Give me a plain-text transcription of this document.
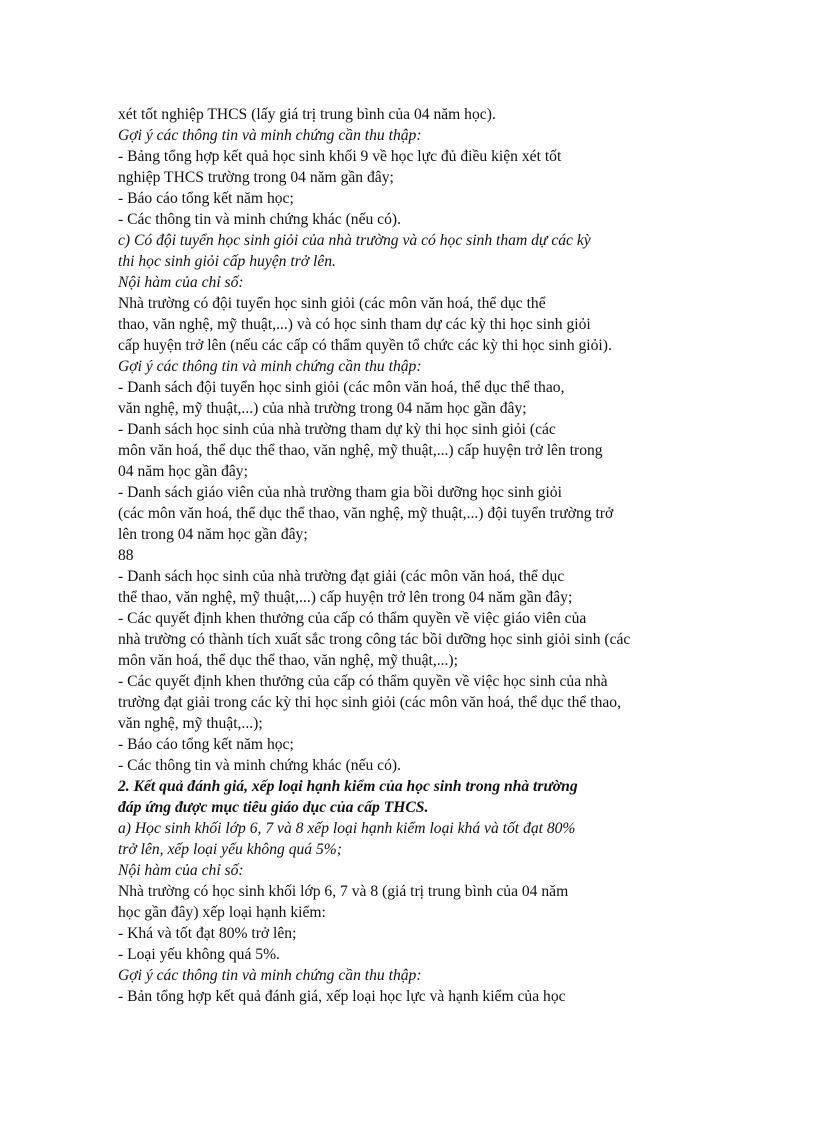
xét tốt nghiệp THCS (lấy giá trị trung bình của 04 năm học).
Gợi ý các thông tin và minh chứng cần thu thập:
- Bảng tổng hợp kết quả học sinh khối 9 về học lực đủ điều kiện xét tốt
nghiệp THCS trường trong 04 năm gần đây;
- Báo cáo tổng kết năm học;
- Các thông tin và minh chứng khác (nếu có).
c) Có đội tuyển học sinh giỏi của nhà trường và có học sinh tham dự các kỳ
thi học sinh giỏi cấp huyện trở lên.
Nội hàm của chỉ số:
Nhà trường có đội tuyển học sinh giỏi (các môn văn hoá, thể dục thể
thao, văn nghệ, mỹ thuật,...) và có học sinh tham dự các kỳ thi học sinh giỏi
cấp huyện trở lên (nếu các cấp có thẩm quyền tổ chức các kỳ thi học sinh giỏi).
Gợi ý các thông tin và minh chứng cần thu thập:
- Danh sách đội tuyển học sinh giỏi (các môn văn hoá, thể dục thể thao,
văn nghệ, mỹ thuật,...) của nhà trường trong 04 năm học gần đây;
- Danh sách học sinh của nhà trường tham dự kỳ thi học sinh giỏi (các
môn văn hoá, thể dục thể thao, văn nghệ, mỹ thuật,...) cấp huyện trở lên trong
04 năm học gần đây;
- Danh sách giáo viên của nhà trường tham gia bồi dưỡng học sinh giỏi
(các môn văn hoá, thể dục thể thao, văn nghệ, mỹ thuật,...) đội tuyển trường trở
lên trong 04 năm học gần đây;
88
- Danh sách học sinh của nhà trường đạt giải (các môn văn hoá, thể dục
thể thao, văn nghệ, mỹ thuật,...) cấp huyện trở lên trong 04 năm gần đây;
- Các quyết định khen thưởng của cấp có thẩm quyền về việc giáo viên của
nhà trường có thành tích xuất sắc trong công tác bồi dưỡng học sinh giỏi sinh (các
môn văn hoá, thể dục thể thao, văn nghệ, mỹ thuật,...);
- Các quyết định khen thưởng của cấp có thẩm quyền về việc học sinh của nhà
trường đạt giải trong các kỳ thi học sinh giỏi (các môn văn hoá, thể dục thể thao,
văn nghệ, mỹ thuật,...);
- Báo cáo tổng kết năm học;
- Các thông tin và minh chứng khác (nếu có).
2. Kết quả đánh giá, xếp loại hạnh kiểm của học sinh trong nhà trường
đáp ứng được mục tiêu giáo dục của cấp THCS.
a) Học sinh khối lớp 6, 7 và 8 xếp loại hạnh kiểm loại khá và tốt đạt 80%
trở lên, xếp loại yếu không quá 5%;
Nội hàm của chỉ số:
Nhà trường có học sinh khối lớp 6, 7 và 8 (giá trị trung bình của 04 năm
học gần đây) xếp loại hạnh kiểm:
- Khá và tốt đạt 80% trở lên;
- Loại yếu không quá 5%.
Gợi ý các thông tin và minh chứng cần thu thập:
- Bản tổng hợp kết quả đánh giá, xếp loại học lực và hạnh kiểm của học
